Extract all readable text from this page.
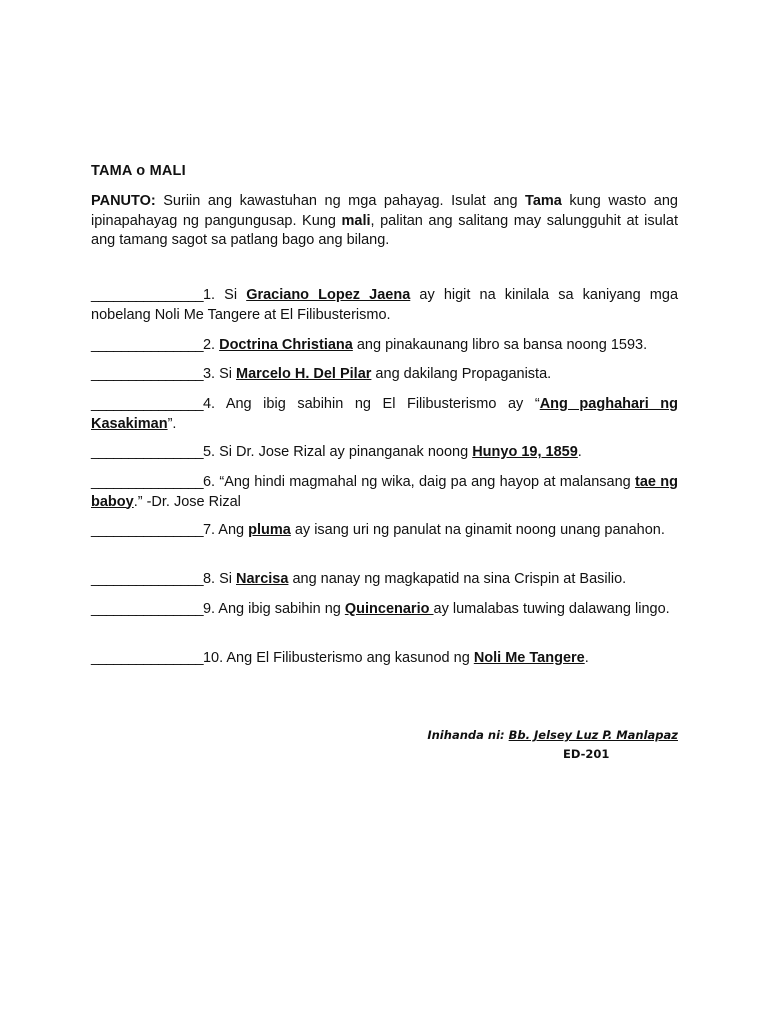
TAMA o MALI
PANUTO: Suriin ang kawastuhan ng mga pahayag. Isulat ang Tama kung wasto ang ipinapahayag ng pangungusap. Kung mali, palitan ang salitang may salungguhit at isulat ang tamang sagot sa patlang bago ang bilang.
_______________1. Si Graciano Lopez Jaena ay higit na kinilala sa kaniyang mga nobelang Noli Me Tangere at El Filibusterismo.
_______________2. Doctrina Christiana ang pinakaunang libro sa bansa noong 1593.
_______________3. Si Marcelo H. Del Pilar ang dakilang Propaganista.
_______________4. Ang ibig sabihin ng El Filibusterismo ay “Ang paghahari ng Kasakiman”.
_______________5. Si Dr. Jose Rizal ay pinanganak noong Hunyo 19, 1859.
_______________6. “Ang hindi magmahal ng wika, daig pa ang hayop at malansang tae ng baboy.” -Dr. Jose Rizal
_______________7. Ang pluma ay isang uri ng panulat na ginamit noong unang panahon.
_______________8. Si Narcisa ang nanay ng magkapatid na sina Crispin at Basilio.
_______________9. Ang ibig sabihin ng Quincenario ay lumalabas tuwing dalawang lingo.
_______________10. Ang El Filibusterismo ang kasunod ng Noli Me Tangere.
Inihanda ni: Bb. Jelsey Luz P. Manlapaz
ED-201
